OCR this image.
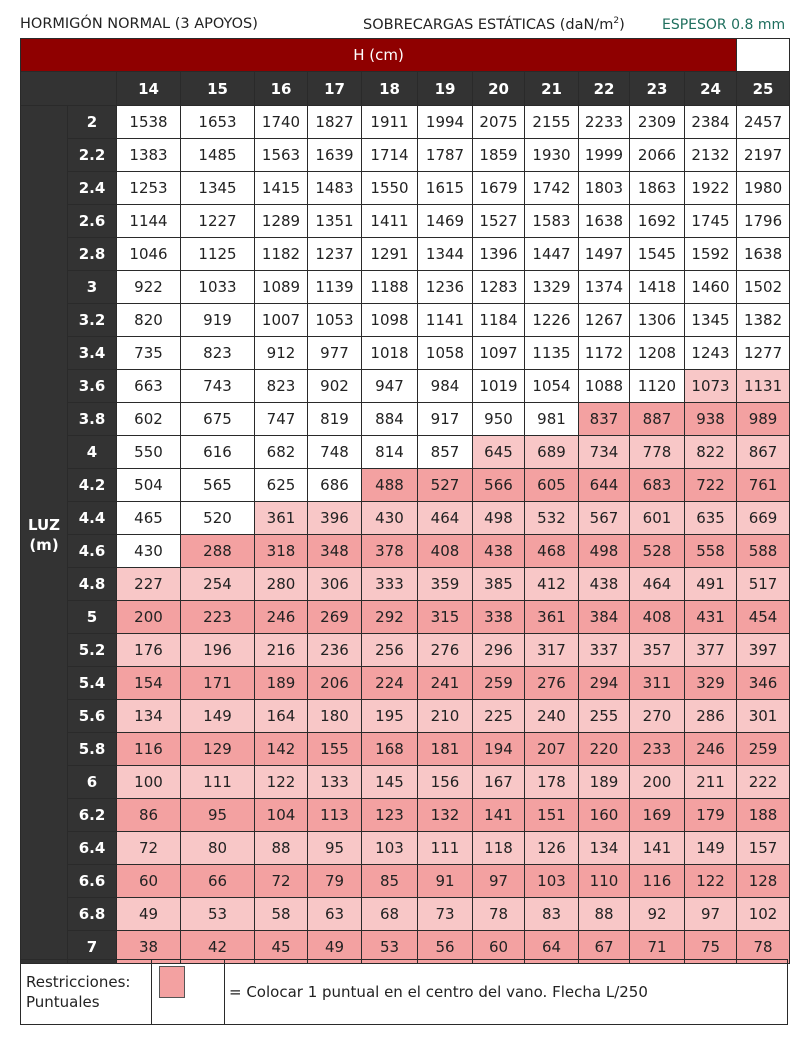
HORMIGÓN NORMAL (3 APOYOS)	SOBRECARGAS ESTÁTICAS $(daN/m^2)$	ESPESOR 0.8 mm
H (cm)													
		14	15	16	17	18	19	20	21	22	23	24	25

LUZ
(m)	2	1538	1653	1740	1827	1911	1994	2075	2155	2233	2309	2384	2457
	2.2	1383	1485	1563	1639	1714	1787	1859	1930	1999	2066	2132	2197
	2.4	1253	1345	1415	1483	1550	1615	1679	1742	1803	1863	1922	1980
	2.6	1144	1227	1289	1351	1411	1469	1527	1583	1638	1692	1745	1796
	2.8	1046	1125	1182	1237	1291	1344	1396	1447	1497	1545	1592	1638
	3	922	1033	1089	1139	1188	1236	1283	1329	1374	1418	1460	1502
	3.2	820	919	1007	1053	1098	1141	1184	1226	1267	1306	1345	1382
	3.4	735	823	912	977	1018	1058	1097	1135	1172	1208	1243	1277
	3.6	663	743	823	902	947	984	1019	1054	1088	1120	1073	1131
	3.8	602	675	747	819	884	917	950	981	837	887	938	989
	4	550	616	682	748	814	857	645	689	734	778	822	867
	4.2	504	565	625	686	488	527	566	605	644	683	722	761
	4.4	465	520	361	396	430	464	498	532	567	601	635	669
	4.6	430	288	318	348	378	408	438	468	498	528	558	588
	4.8	227	254	280	306	333	359	385	412	438	464	491	517
	5	200	223	246	269	292	315	338	361	384	408	431	454
	5.2	176	196	216	236	256	276	296	317	337	357	377	397
	5.4	154	171	189	206	224	241	259	276	294	311	329	346
	5.6	134	149	164	180	195	210	225	240	255	270	286	301
	5.8	116	129	142	155	168	181	194	207	220	233	246	259
	6	100	111	122	133	145	156	167	178	189	200	211	222
	6.2	86	95	104	113	123	132	141	151	160	169	179	188
	6.4	72	80	88	95	103	111	118	126	134	141	149	157
	6.6	60	66	72	79	85	91	97	103	110	116	122	128
	6.8	49	53	58	63	68	73	78	83	88	92	97	102
	7	38	42	45	49	53	56	60	64	67	71	75	78
Restricciones:
Puntuales
= Colocar 1 puntual en el centro del vano. Flecha L/250
